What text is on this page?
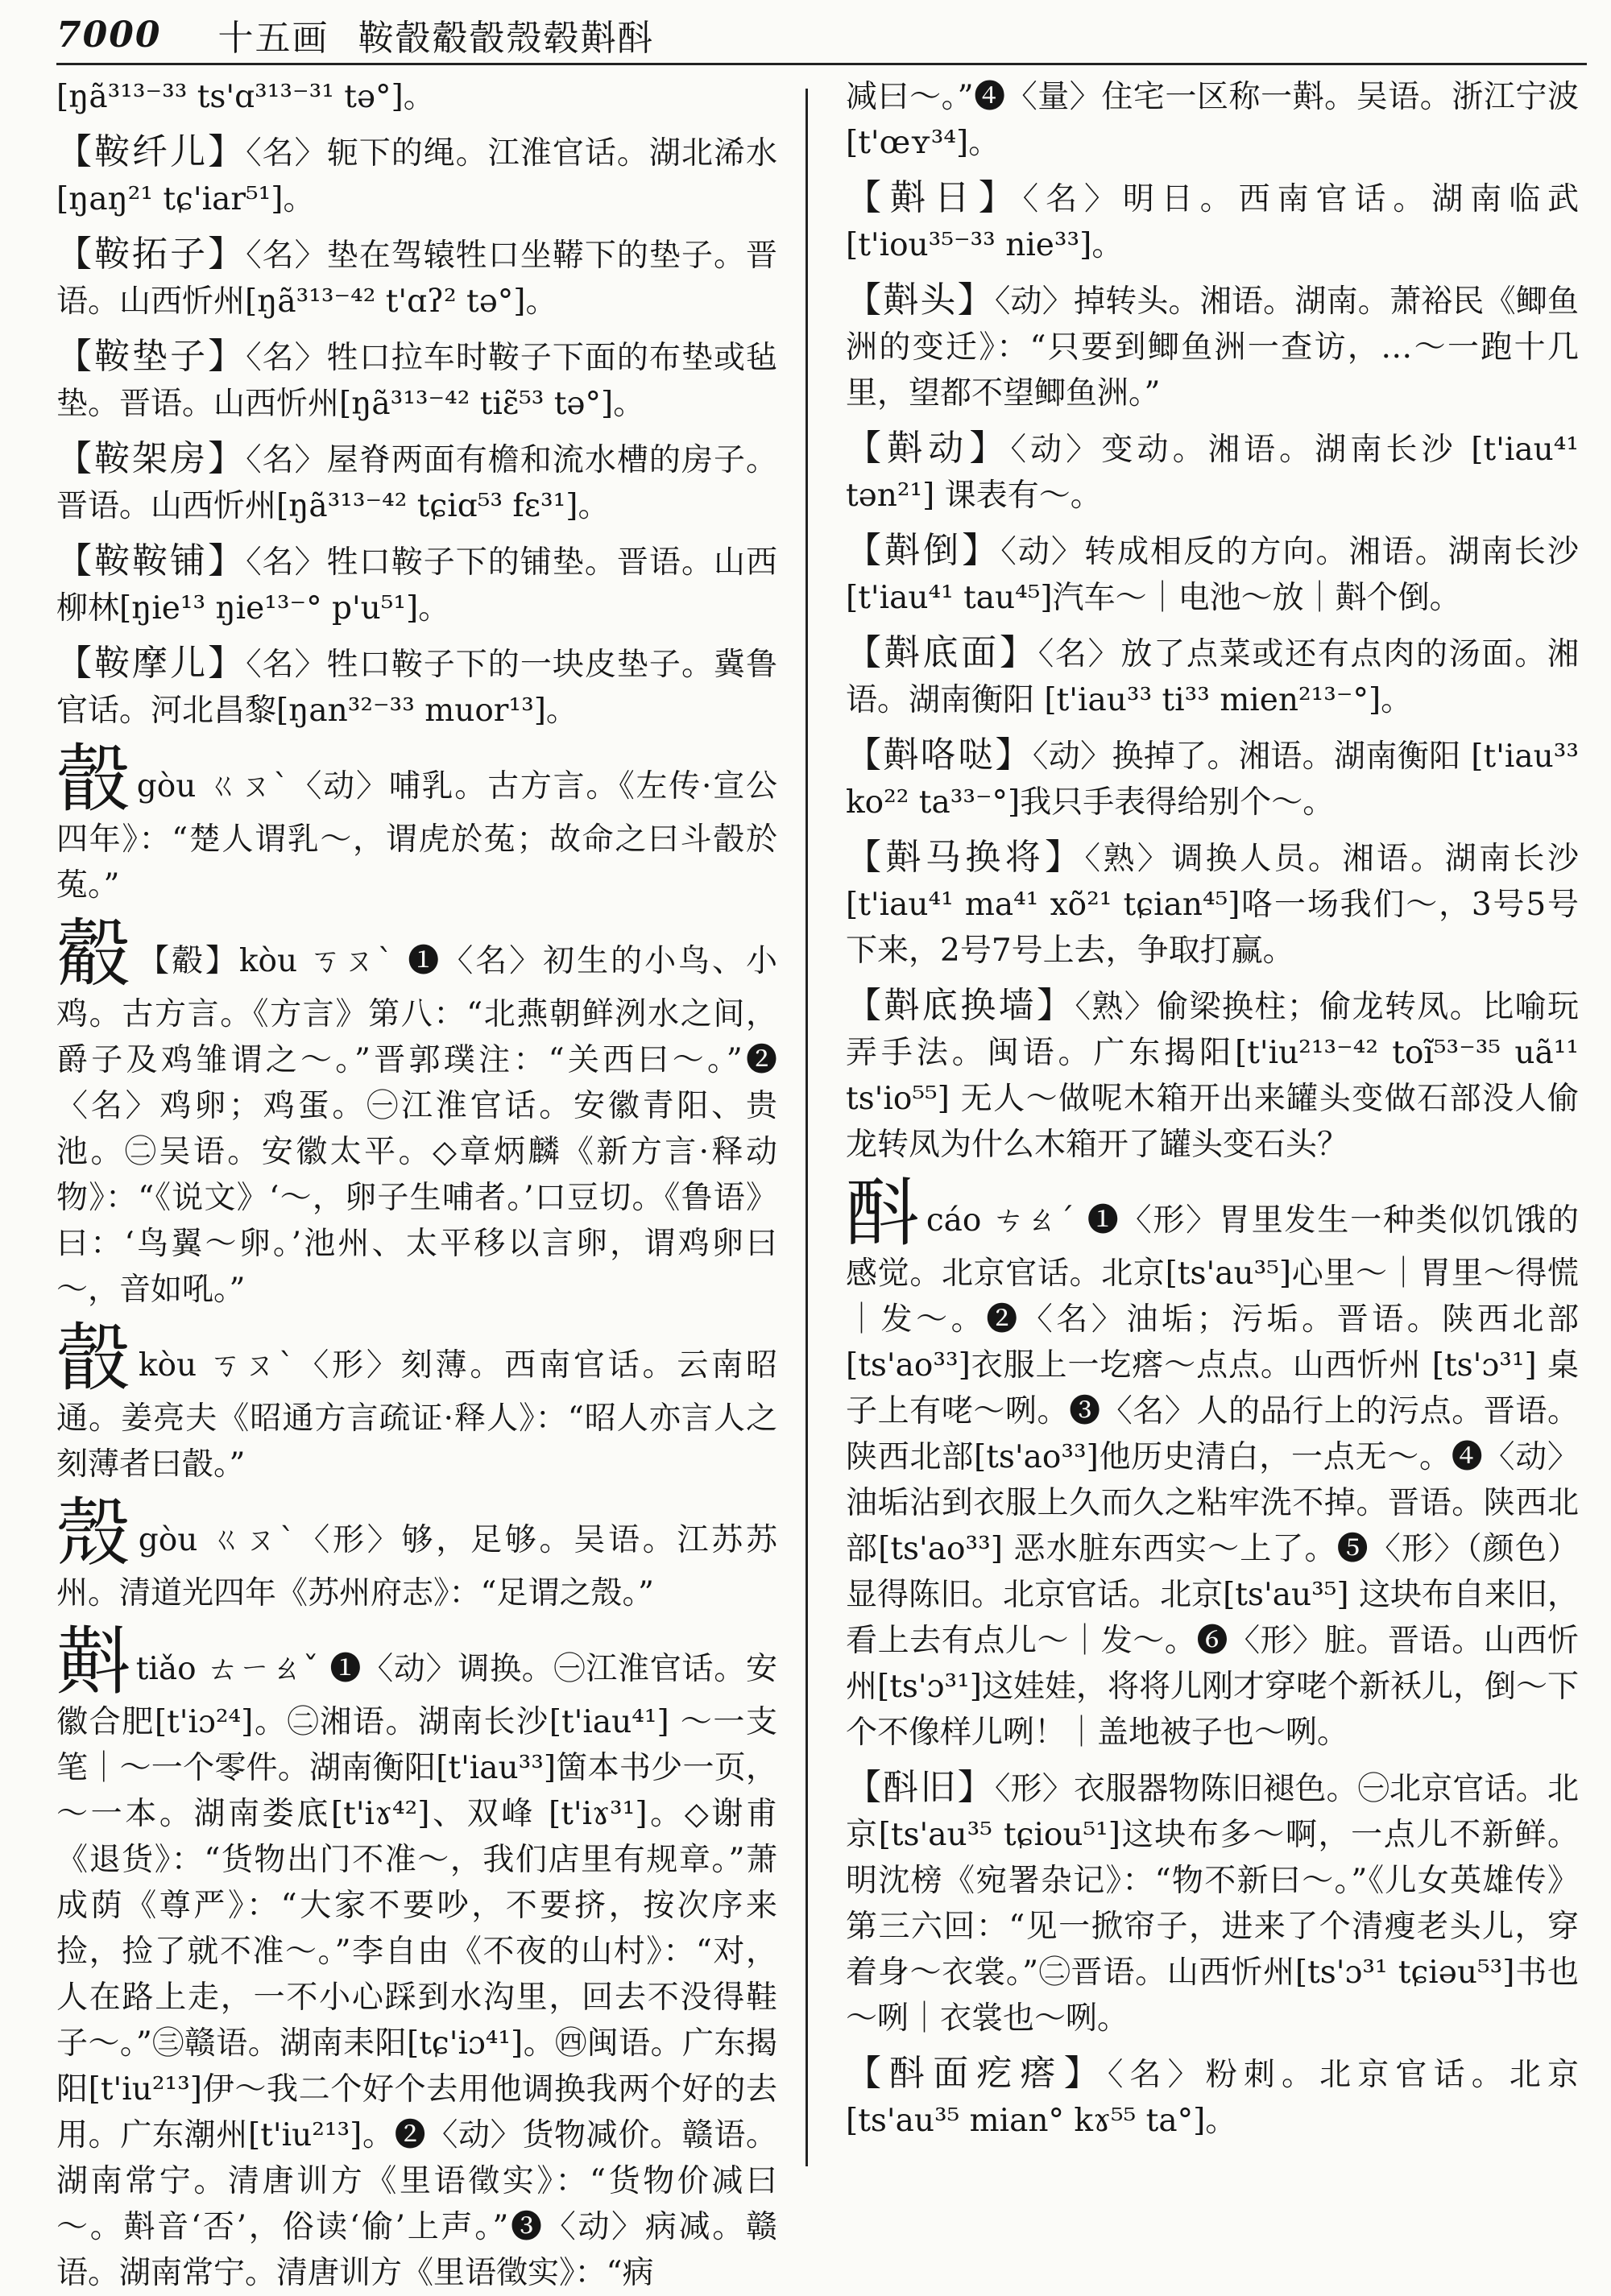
7000 十五画 鞍瞉觳瞉殼毂斢酙

[ŋã³¹³⁻³³ ts'ɑ³¹³⁻³¹ tə°]。

【鞍纤儿】〈名〉轭下的绳。江淮官话。湖北浠水[ŋaŋ²¹ tɕ'iar⁵¹]。

【鞍拓子】〈名〉垫在驾辕牲口坐鞯下的垫子。晋语。山西忻州[ŋã³¹³⁻⁴² t'ɑʔ² tə°]。

【鞍垫子】〈名〉牲口拉车时鞍子下面的布垫或毡垫。晋语。山西忻州[ŋã³¹³⁻⁴² tiɛ̃⁵³ tə°]。

【鞍架房】〈名〉屋脊两面有檐和流水槽的房子。晋语。山西忻州[ŋã³¹³⁻⁴² tɕiɑ⁵³ fɛ³¹]。

【鞍鞍铺】〈名〉牲口鞍子下的铺垫。晋语。山西柳林[ŋie¹³ ŋie¹³⁻° p'u⁵¹]。

【鞍摩儿】〈名〉牲口鞍子下的一块皮垫子。冀鲁官话。河北昌黎[ŋan³²⁻³³ muor¹³]。

瞉gòu ㄍㄡˋ〈动〉哺乳。古方言。《左传·宣公四年》：“楚人谓乳～，谓虎於菟；故命之曰斗瞉於菟。”

觳 【觳】kòu ㄎㄡˋ ❶〈名〉初生的小鸟、小鸡。古方言。《方言》第八：“北燕朝鲜洌水之间，爵子及鸡雏谓之～。”晋郭璞注：“关西曰～。”❷〈名〉鸡卵；鸡蛋。㊀江淮官话。安徽青阳、贵池。㊁吴语。安徽太平。◇章炳麟《新方言·释动物》：“《说文》‘～，卵子生哺者。’口豆切。《鲁语》曰：‘鸟翼～卵。’池州、太平移以言卵，谓鸡卵曰～，音如吼。”

瞉kòu ㄎㄡˋ〈形〉刻薄。西南官话。云南昭通。姜亮夫《昭通方言疏证·释人》：“昭人亦言人之刻薄者曰瞉。”

殼gòu ㄍㄡˋ〈形〉够，足够。吴语。江苏苏州。清道光四年《苏州府志》：“足谓之殼。”

斢tiǎo ㄊㄧㄠˇ ❶〈动〉调换。㊀江淮官话。安徽合肥[t'iɔ²⁴]。㊁湘语。湖南长沙[t'iau⁴¹] ～一支笔｜～一个零件。湖南衡阳[t'iau³³]箇本书少一页，～一本。湖南娄底[t'iɤ⁴²]、双峰 [t'iɤ³¹]。◇谢甫《退货》：“货物出门不准～，我们店里有规章。”萧成荫《尊严》：“大家不要吵，不要挤，按次序来捡，捡了就不准～。”李自由《不夜的山村》：“对，人在路上走，一不小心踩到水沟里，回去不没得鞋子～。”㊂赣语。湖南耒阳[tɕ'iɔ⁴¹]。㊃闽语。广东揭阳[t'iu²¹³]伊～我二个好个去用他调换我两个好的去用。广东潮州[t'iu²¹³]。❷〈动〉货物减价。赣语。湖南常宁。清唐训方《里语徵实》：“货物价减曰～。斢音‘否’，俗读‘偷’上声。”❸〈动〉病减。赣语。湖南常宁。清唐训方《里语徵实》：“病

减曰～。”❹〈量〉住宅一区称一斢。吴语。浙江宁波[t'œʏ³⁴]。

【斢日】〈名〉明日。西南官话。湖南临武 [t'iou³⁵⁻³³ nie³³]。

【斢头】〈动〉掉转头。湘语。湖南。萧裕民《鲫鱼洲的变迁》：“只要到鲫鱼洲一查访，…～一跑十几里，望都不望鲫鱼洲。”

【斢动】〈动〉变动。湘语。湖南长沙 [t'iau⁴¹ tən²¹] 课表有～。

【斢倒】〈动〉转成相反的方向。湘语。湖南长沙[t'iau⁴¹ tau⁴⁵]汽车～｜电池～放｜斢个倒。

【斢底面】〈名〉放了点菜或还有点肉的汤面。湘语。湖南衡阳 [t'iau³³ ti³³ mien²¹³⁻°]。

【斢咯哒】〈动〉换掉了。湘语。湖南衡阳 [t'iau³³ ko²² ta³³⁻°]我只手表得给别个～。

【斢马换将】〈熟〉调换人员。湘语。湖南长沙[t'iau⁴¹ ma⁴¹ xõ²¹ tɕian⁴⁵]咯一场我们～，3号5号下来，2号7号上去，争取打赢。

【斢底换墙】〈熟〉偷梁换柱；偷龙转凤。比喻玩弄手法。闽语。广东揭阳[t'iu²¹³⁻⁴² toĩ⁵³⁻³⁵ uã¹¹ ts'io⁵⁵] 无人～做呢木箱开出来罐头变做石部没人偷龙转凤为什么木箱开了罐头变石头？

酙cáo ㄘㄠˊ ❶〈形〉胃里发生一种类似饥饿的感觉。北京官话。北京[ts'au³⁵]心里～｜胃里～得慌｜发～。❷〈名〉油垢；污垢。晋语。陕西北部[ts'ao³³]衣服上一圪瘩～点点。山西忻州 [ts'ɔ³¹] 桌子上有咾～咧。❸〈名〉人的品行上的污点。晋语。陕西北部[ts'ao³³]他历史清白，一点无～。❹〈动〉油垢沾到衣服上久而久之粘牢洗不掉。晋语。陕西北部[ts'ao³³] 恶水脏东西实～上了。❺〈形〉（颜色）显得陈旧。北京官话。北京[ts'au³⁵] 这块布自来旧，看上去有点儿～｜发～。❻〈形〉脏。晋语。山西忻州[ts'ɔ³¹]这娃娃，将将儿刚才穿咾个新袄儿，倒～下个不像样儿咧！｜盖地被子也～咧。

【酙旧】〈形〉衣服器物陈旧褪色。㊀北京官话。北京[ts'au³⁵ tɕiou⁵¹]这块布多～啊，一点儿不新鲜。明沈榜《宛署杂记》：“物不新曰～。”《儿女英雄传》第三六回：“见一掀帘子，进来了个清瘦老头儿，穿着身～衣裳。”㊁晋语。山西忻州[ts'ɔ³¹ tɕiəu⁵³]书也～咧｜衣裳也～咧。

【酙面疙瘩】〈名〉粉刺。北京官话。北京 [ts'au³⁵ mian° kɤ⁵⁵ ta°]。
